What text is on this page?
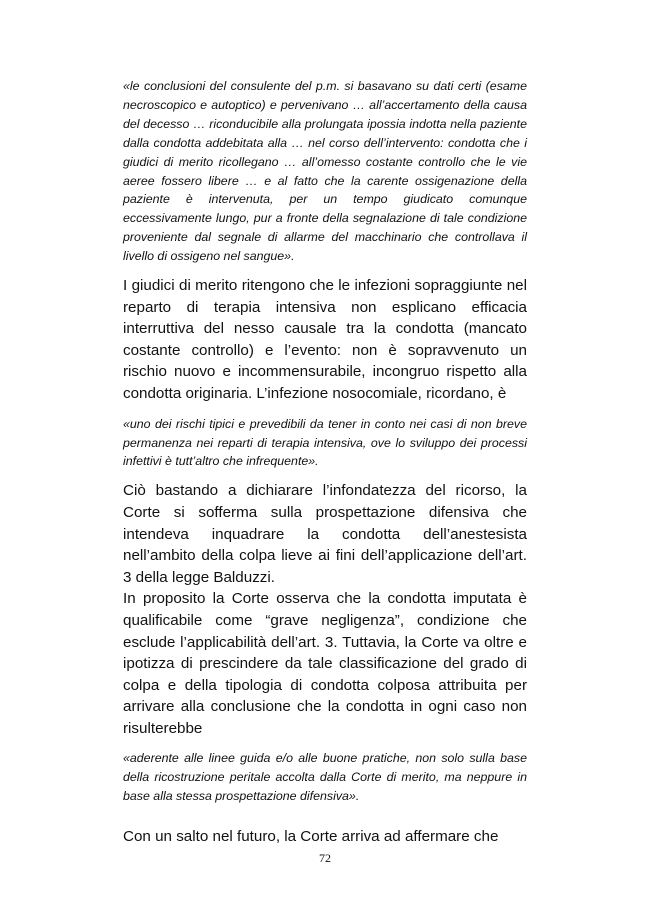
«le conclusioni del consulente del p.m. si basavano su dati certi (esame necroscopico e autoptico) e pervenivano … all’accertamento della causa del decesso … riconducibile alla prolungata ipossia indotta nella paziente dalla condotta addebitata alla … nel corso dell’intervento: condotta che i giudici di merito ricollegano … all’omesso costante controllo che le vie aeree fossero libere … e al fatto che la carente ossigenazione della paziente è intervenuta, per un tempo giudicato comunque eccessivamente lungo, pur a fronte della segnalazione di tale condizione proveniente dal segnale di allarme del macchinario che controllava il livello di ossigeno nel sangue».

I giudici di merito ritengono che le infezioni sopraggiunte nel reparto di terapia intensiva non esplicano efficacia interruttiva del nesso causale tra la condotta (mancato costante controllo) e l’evento: non è sopravvenuto un rischio nuovo e incommensurabile, incongruo rispetto alla condotta originaria. L’infezione nosocomiale, ricordano, è

«uno dei rischi tipici e prevedibili da tener in conto nei casi di non breve permanenza nei reparti di terapia intensiva, ove lo sviluppo dei processi infettivi è tutt’altro che infrequente».

Ciò bastando a dichiarare l’infondatezza del ricorso, la Corte si sofferma sulla prospettazione difensiva che intendeva inquadrare la condotta dell’anestesista nell’ambito della colpa lieve ai fini dell’applicazione dell’art. 3 della legge Balduzzi.

In proposito la Corte osserva che la condotta imputata è qualificabile come “grave negligenza”, condizione che esclude l’applicabilità dell’art. 3. Tuttavia, la Corte va oltre e ipotizza di prescindere da tale classificazione del grado di colpa e della tipologia di condotta colposa attribuita per arrivare alla conclusione che la condotta in ogni caso non risulterebbe

«aderente alle linee guida e/o alle buone pratiche, non solo sulla base della ricostruzione peritale accolta dalla Corte di merito, ma neppure in base alla stessa prospettazione difensiva».

Con un salto nel futuro, la Corte arriva ad affermare che
72
